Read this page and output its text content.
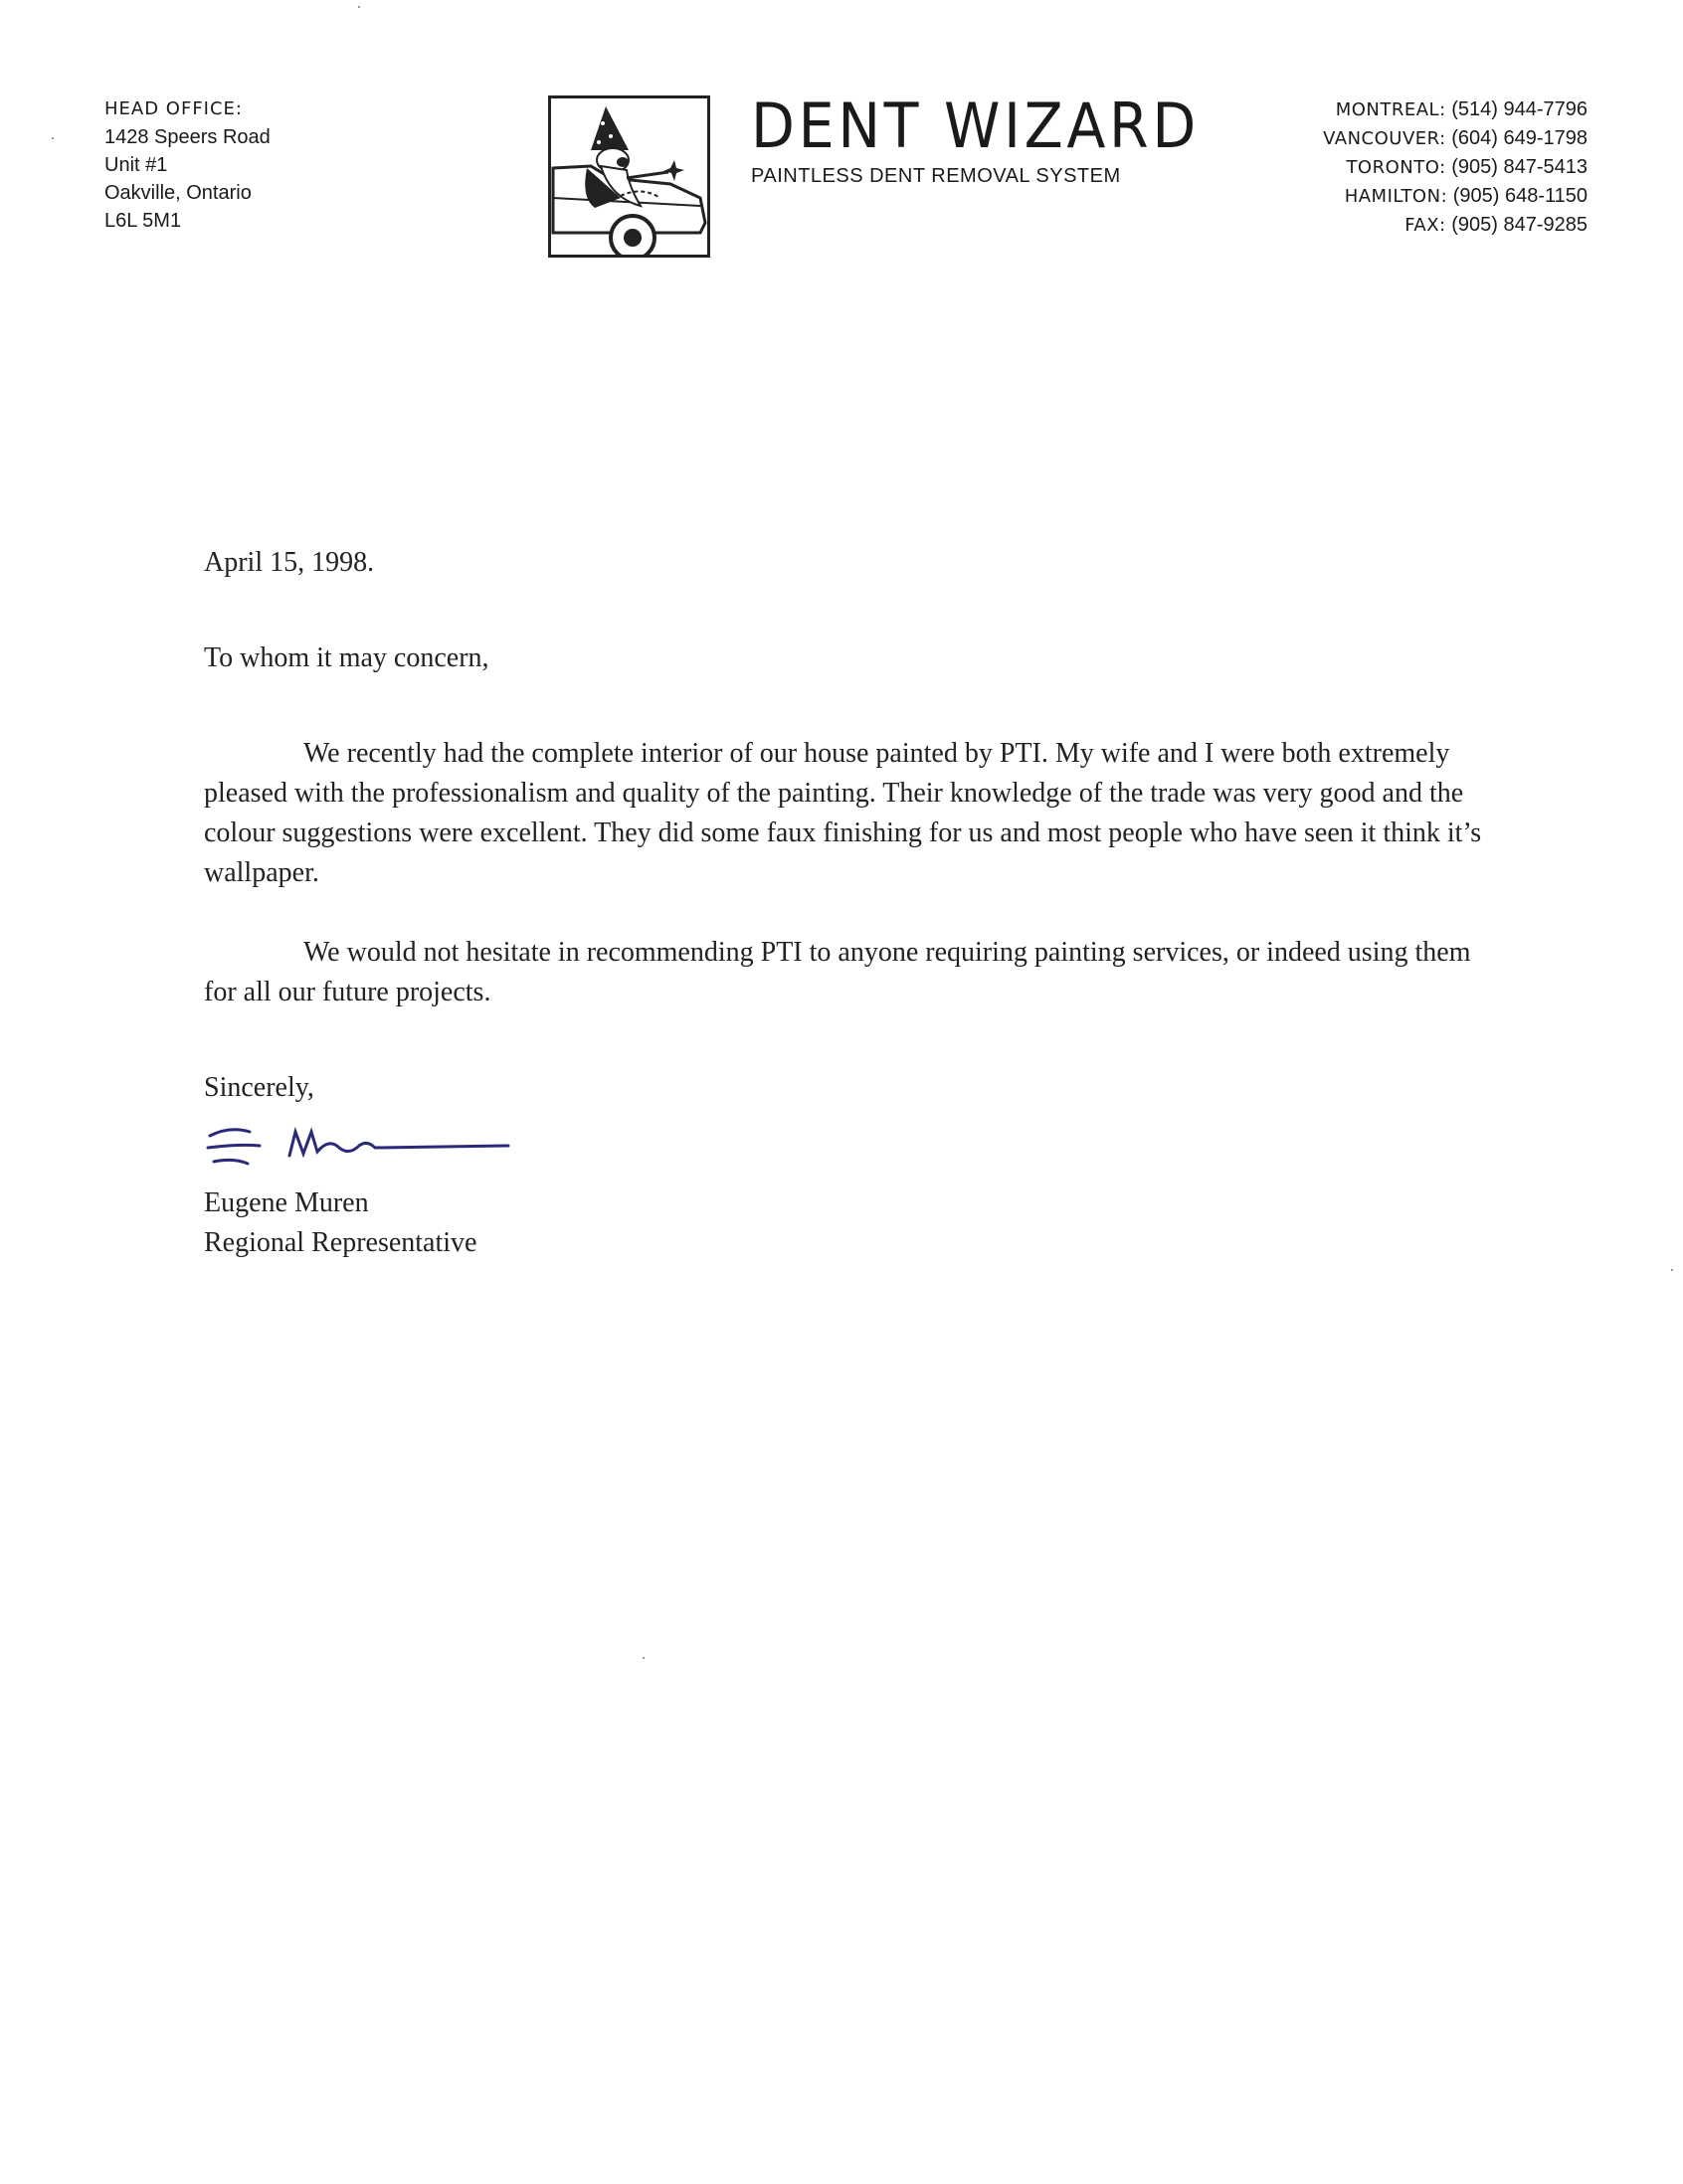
HEAD OFFICE:
1428 Speers Road
Unit #1
Oakville, Ontario
L6L 5M1
DENT WIZARD
PAINTLESS DENT REMOVAL SYSTEM
MONTREAL: (514) 944-7796
VANCOUVER: (604) 649-1798
TORONTO: (905) 847-5413
HAMILTON: (905) 648-1150
FAX: (905) 847-9285

April 15, 1998.

To whom it may concern,

We recently had the complete interior of our house painted by PTI. My wife and I were both extremely pleased with the professionalism and quality of the painting. Their knowledge of the trade was very good and the colour suggestions were excellent. They did some faux finishing for us and most people who have seen it think it’s wallpaper.

We would not hesitate in recommending PTI to anyone requiring painting services, or indeed using them for all our future projects.

Sincerely,

Eugene Muren

Regional Representative
